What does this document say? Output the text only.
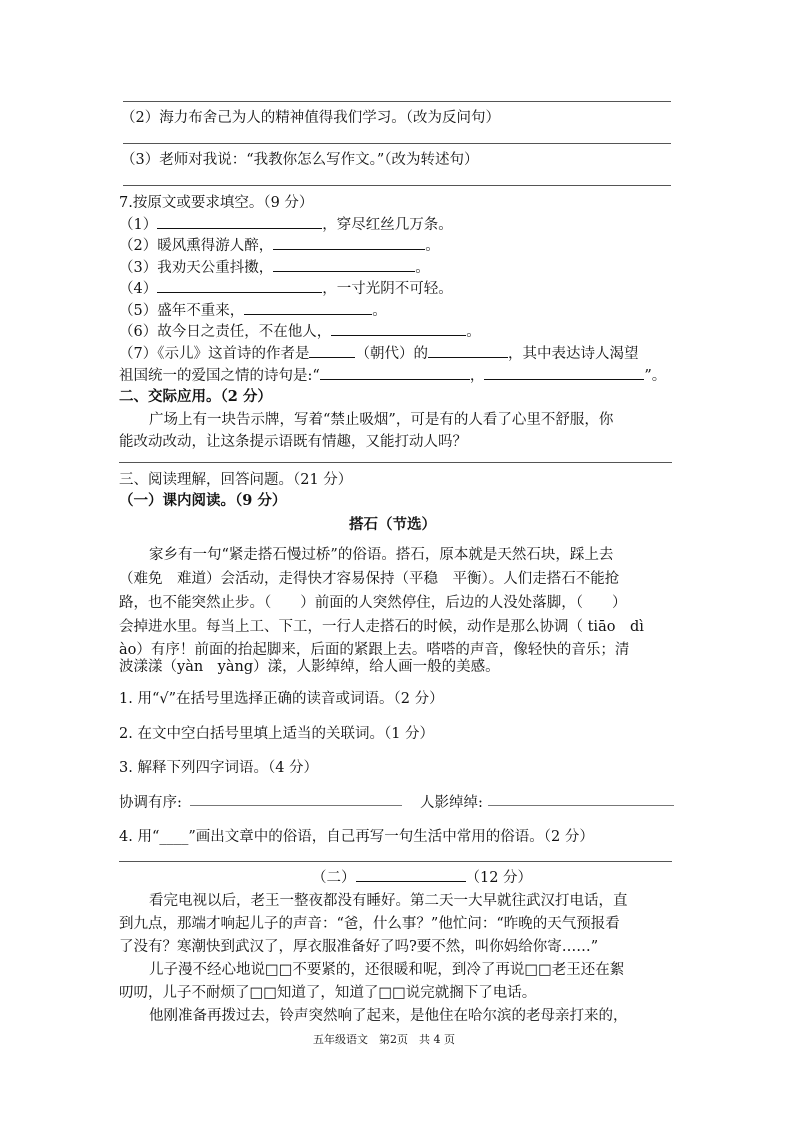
（2）海力布舍己为人的精神值得我们学习。（改为反问句）
（3）老师对我说：“我教你怎么写作文。”（改为转述句）
7.按原文或要求填空。（9 分）
（1）	，穿尽红丝几万条。
（2）暖风熏得游人醉，	。
（3）我劝天公重抖擞，	。
（4）	，一寸光阴不可轻。
（5）盛年不重来，	。
（6）故今日之责任，不在他人，	。
（7）《示儿》这首诗的作者是	（朝代）的	，其中表达诗人渴望
祖国统一的爱国之情的诗句是:“	，	”。
二、交际应用。（2 分）
广场上有一块告示牌，写着“禁止吸烟”，可是有的人看了心里不舒服，你
能改动改动，让这条提示语既有情趣，又能打动人吗？
三、阅读理解，回答问题。（21 分）
（一）课内阅读。（9 分）
搭石（节选）
家乡有一句“紧走搭石慢过桥”的俗语。搭石，原本就是天然石块，踩上去
（难免　难道）会活动，走得快才容易保持（平稳　平衡）。人们走搭石不能抢
路，也不能突然止步。（　　）前面的人突然停住，后边的人没处落脚，（　　）
会掉进水里。每当上工、下工，一行人走搭石的时候，动作是那么协调（ tiāo　dì
ào）有序！前面的抬起脚来，后面的紧跟上去。嗒嗒的声音，像轻快的音乐；清
波漾漾（yàn　yàng）漾，人影绰绰，给人画一般的美感。
1. 用“√”在括号里选择正确的读音或词语。（2 分）
2. 在文中空白括号里填上适当的关联词。（1 分）
3. 解释下列四字词语。（4 分）
协调有序:	人影绰绰:
4. 用“____”画出文章中的俗语，自己再写一句生活中常用的俗语。（2 分）
（二）	（12 分）
看完电视以后，老王一整夜都没有睡好。第二天一大早就往武汉打电话，直
到九点，那端才响起儿子的声音：“爸，什么事？”他忙问：“昨晚的天气预报看
了没有？寒潮快到武汉了，厚衣服准备好了吗?要不然，叫你妈给你寄……”
儿子漫不经心地说□□不要紧的，还很暖和呢，到冷了再说□□老王还在絮
叨叨，儿子不耐烦了□□知道了，知道了□□说完就搁下了电话。
他刚准备再拨过去，铃声突然响了起来，是他住在哈尔滨的老母亲打来的，
五年级语文　第2页　共 4 页
